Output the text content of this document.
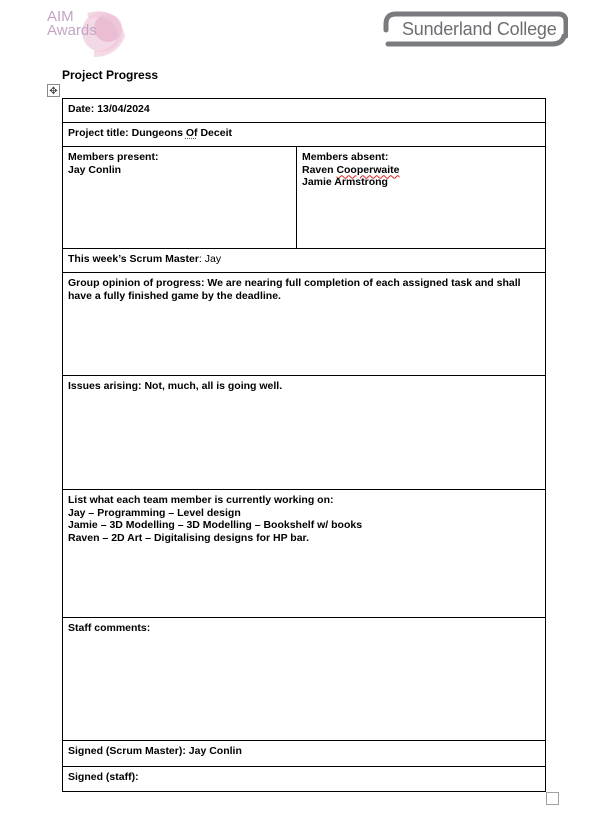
AIM
Awards	Sunderland College
Project Progress
✥
Date: 13/04/2024
Project title: Dungeons Of Deceit

Members present:
Jay Conlin

Members absent:
Raven Cooperwaite
Jamie Armstrong

This week’s Scrum Master: Jay
Group opinion of progress: We are nearing full completion of each assigned task and shall have a fully finished game by the deadline.
Issues arising: Not, much, all is going well.

List what each team member is currently working on:
Jay – Programming – Level design
Jamie – 3D Modelling – 3D Modelling – Bookshelf w/ books
Raven – 2D Art – Digitalising designs for HP bar.

Staff comments:
Signed (Scrum Master): Jay Conlin
Signed (staff):
